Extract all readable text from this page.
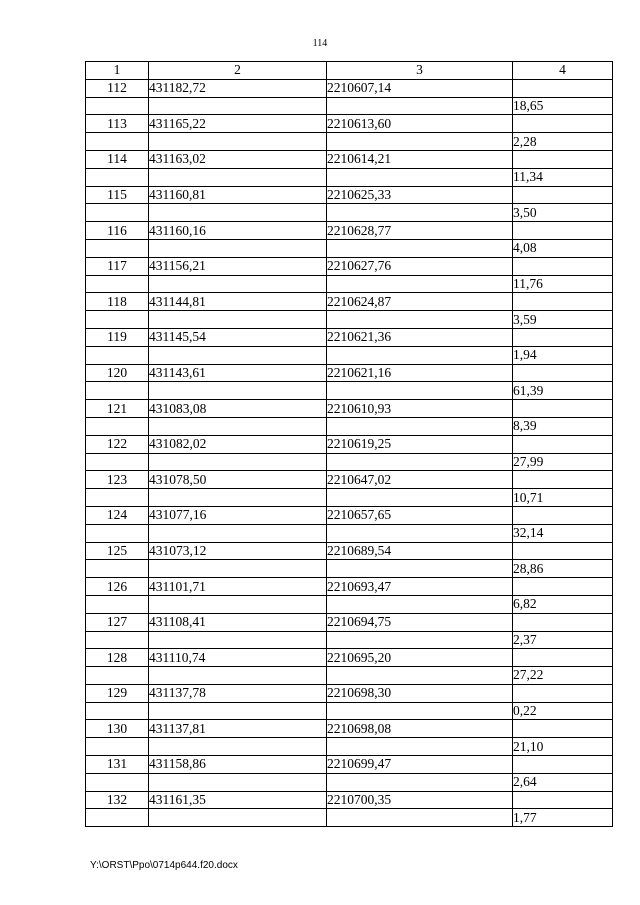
114
1	2	3	4
112	431182,72	2210607,14	
			18,65
113	431165,22	2210613,60	
			2,28
114	431163,02	2210614,21	
			11,34
115	431160,81	2210625,33	
			3,50
116	431160,16	2210628,77	
			4,08
117	431156,21	2210627,76	
			11,76
118	431144,81	2210624,87	
			3,59
119	431145,54	2210621,36	
			1,94
120	431143,61	2210621,16	
			61,39
121	431083,08	2210610,93	
			8,39
122	431082,02	2210619,25	
			27,99
123	431078,50	2210647,02	
			10,71
124	431077,16	2210657,65	
			32,14
125	431073,12	2210689,54	
			28,86
126	431101,71	2210693,47	
			6,82
127	431108,41	2210694,75	
			2,37
128	431110,74	2210695,20	
			27,22
129	431137,78	2210698,30	
			0,22
130	431137,81	2210698,08	
			21,10
131	431158,86	2210699,47	
			2,64
132	431161,35	2210700,35	
			1,77
Y:\ORST\Ppo\0714p644.f20.docx
